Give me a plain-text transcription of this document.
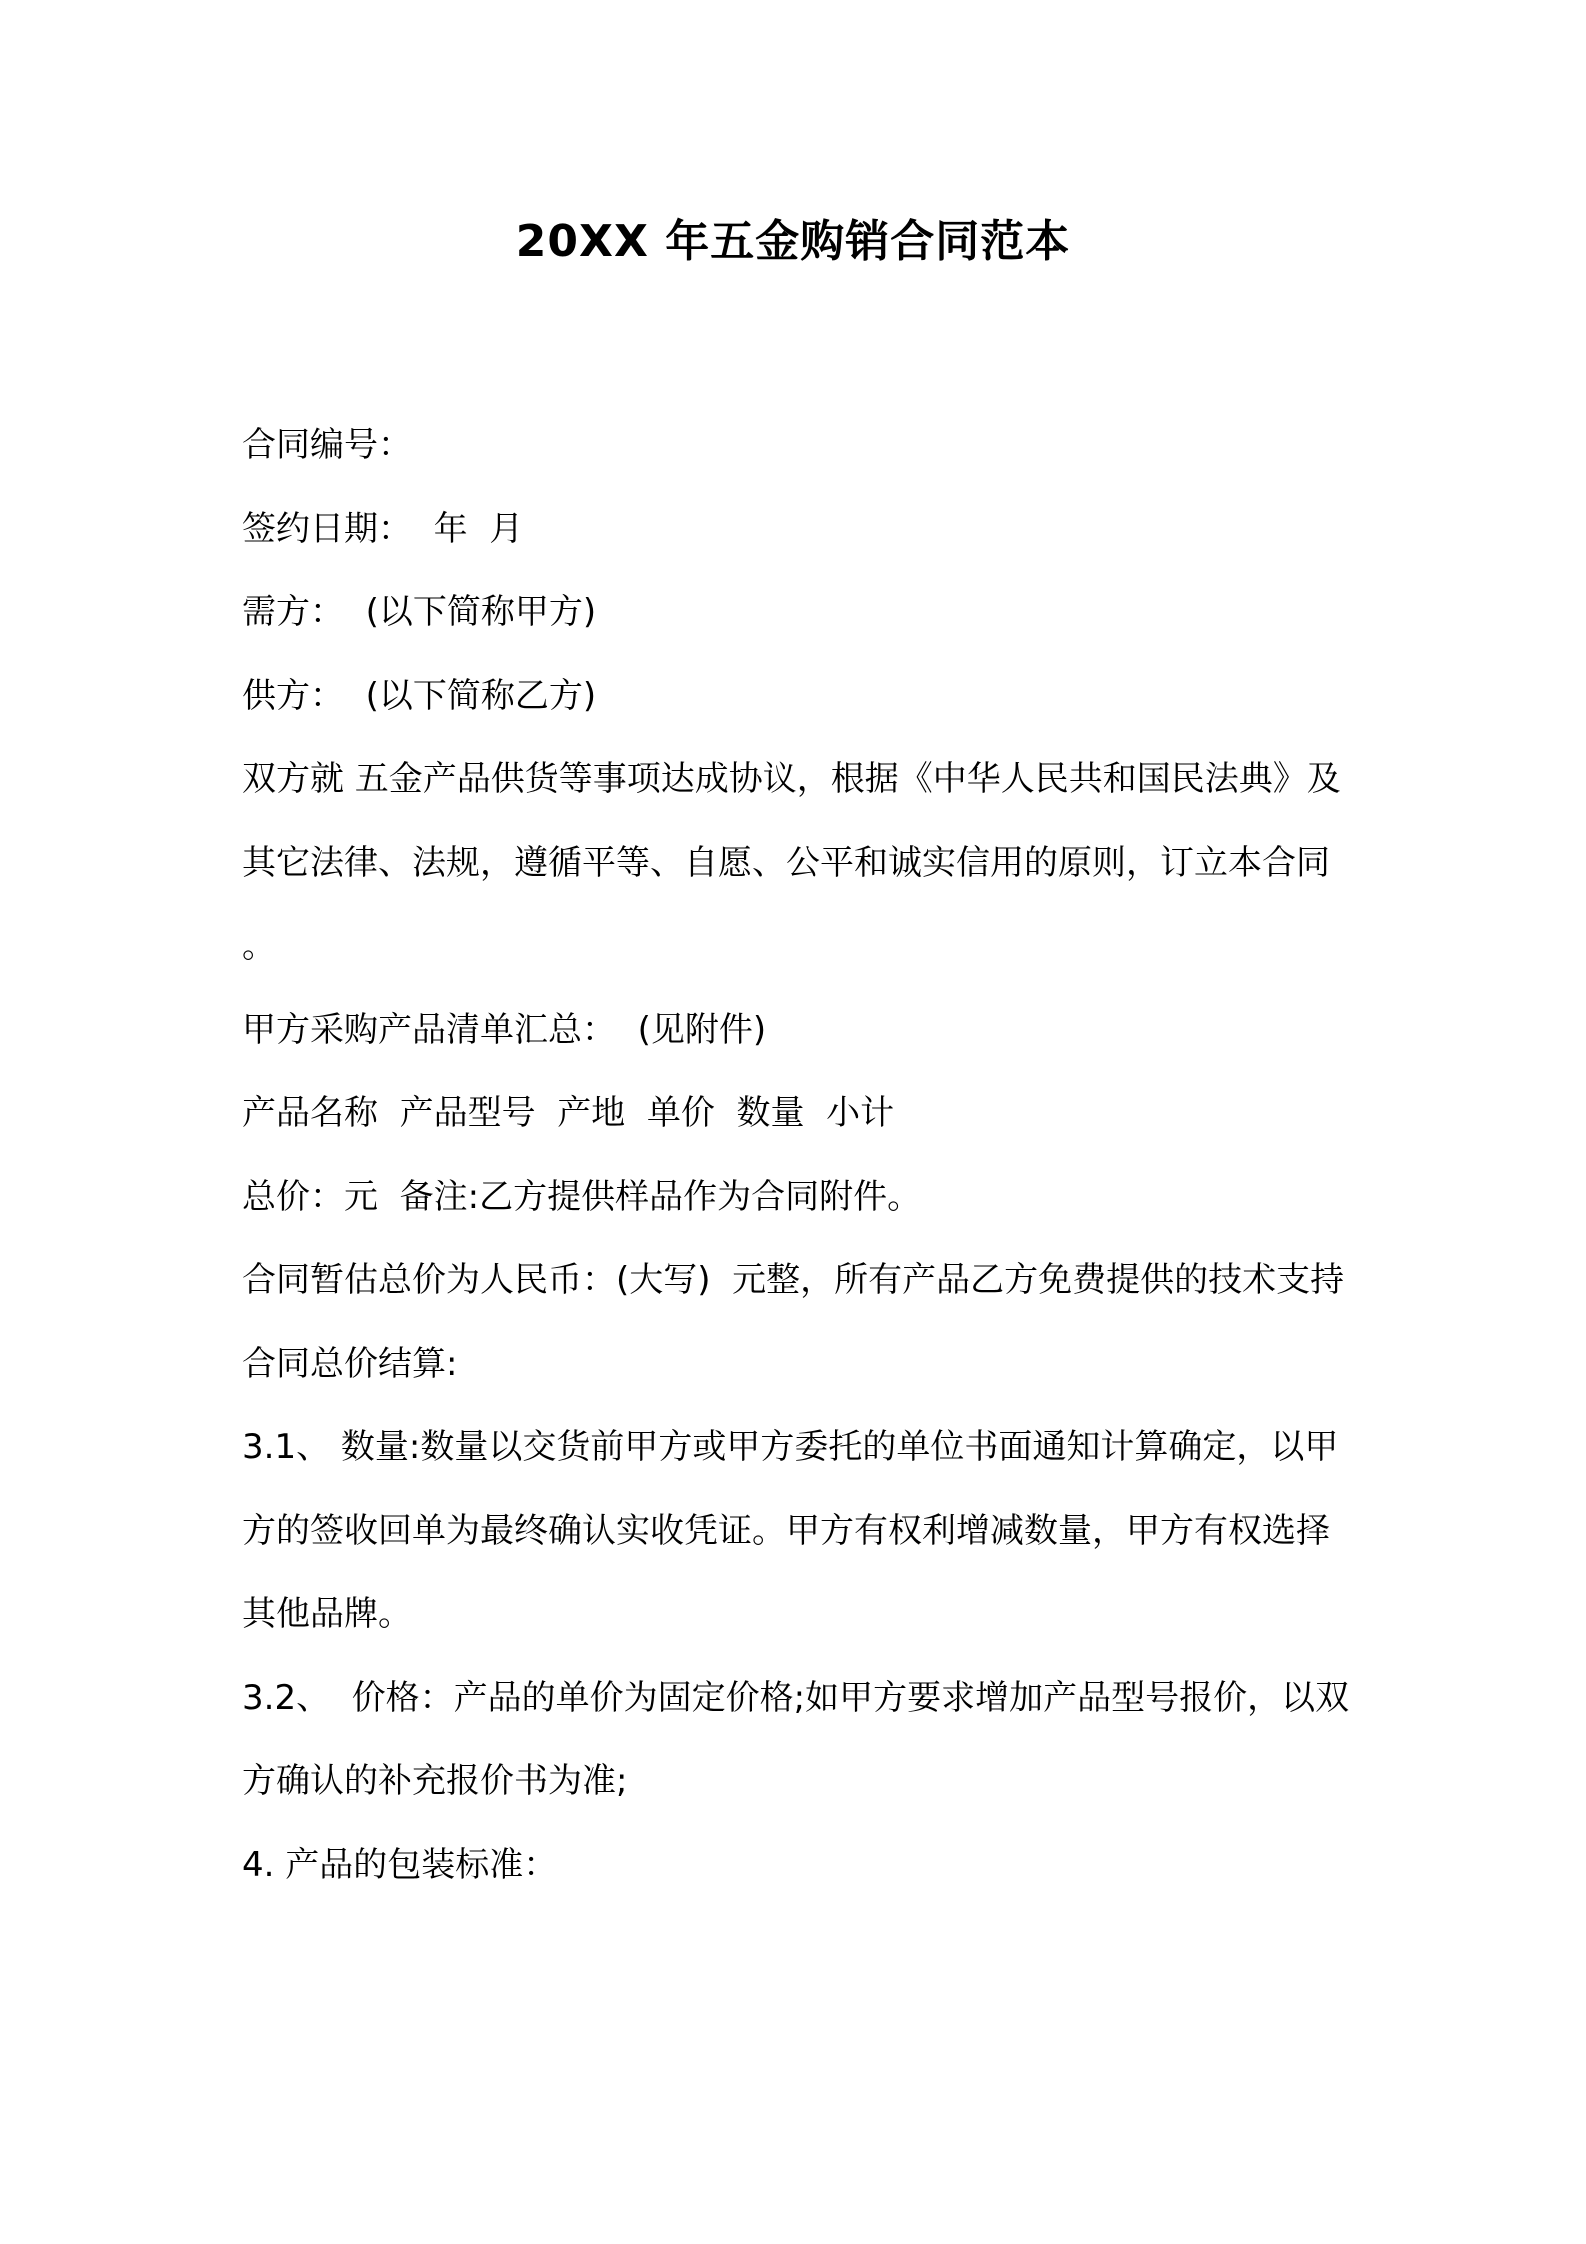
20XX 年五金购销合同范本

合同编号：

签约日期：  年  月

需方：  (以下简称甲方)

供方：  (以下简称乙方)

双方就 五金产品供货等事项达成协议，根据《中华人民共和国民法典》及其它法律、法规，遵循平等、自愿、公平和诚实信用的原则，订立本合同。

甲方采购产品清单汇总：  (见附件)

产品名称  产品型号  产地  单价  数量  小计

总价：元  备注:乙方提供样品作为合同附件。

合同暂估总价为人民币：(大写)  元整，所有产品乙方免费提供的技术支持

合同总价结算:

3.1、 数量:数量以交货前甲方或甲方委托的单位书面通知计算确定，以甲方的签收回单为最终确认实收凭证。甲方有权利增减数量，甲方有权选择其他品牌。

3.2、  价格：产品的单价为固定价格;如甲方要求增加产品型号报价，以双方确认的补充报价书为准;

4. 产品的包装标准：
